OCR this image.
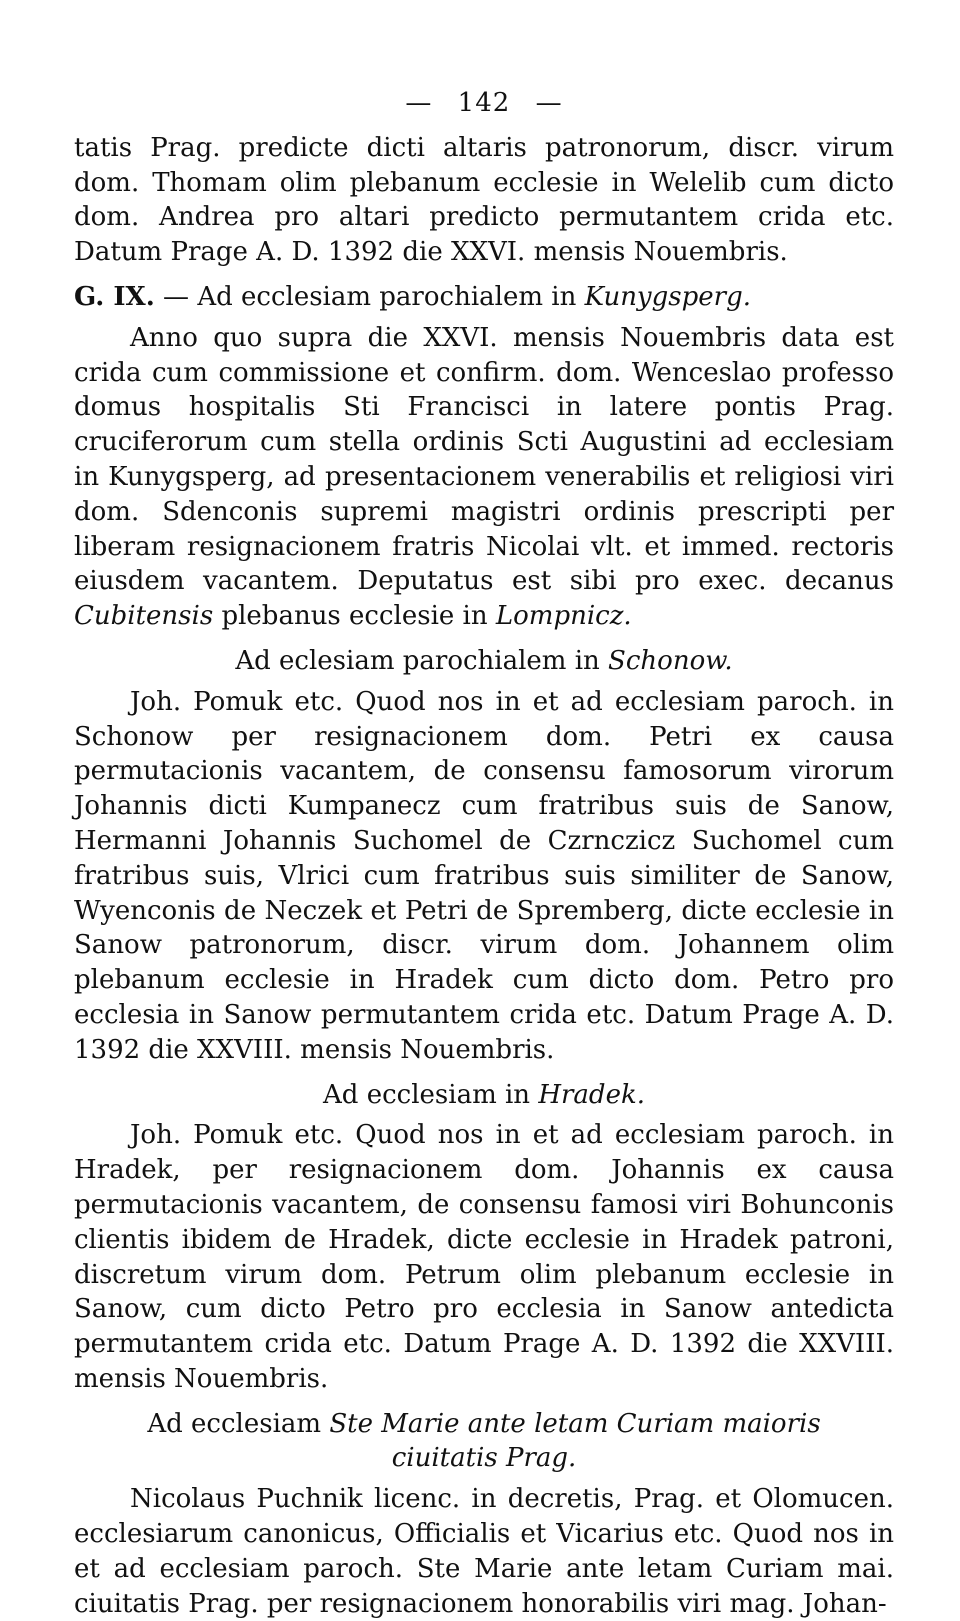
— 142 —

tatis Prag. predicte dicti altaris patronorum, discr. virum dom. Thomam olim plebanum ecclesie in Welelib cum dicto dom. Andrea pro altari predicto permutantem crida etc. Datum Prage A. D. 1392 die XXVI. mensis Nouembris.

G. IX. — Ad ecclesiam parochialem in Kunygsperg.

Anno quo supra die XXVI. mensis Nouembris data est crida cum commissione et confirm. dom. Wenceslao professo domus hospitalis Sti Francisci in latere pontis Prag. cruciferorum cum stella ordinis Scti Augustini ad ecclesiam in Kunygsperg, ad presentacionem venerabilis et religiosi viri dom. Sdenconis supremi magistri ordinis prescripti per liberam resignacionem fratris Nicolai vlt. et immed. rectoris eiusdem vacantem. Deputatus est sibi pro exec. decanus Cubitensis plebanus ecclesie in Lompnicz.

Ad eclesiam parochialem in Schonow.

Joh. Pomuk etc. Quod nos in et ad ecclesiam paroch. in Schonow per resignacionem dom. Petri ex causa permutacionis vacantem, de consensu famosorum virorum Johannis dicti Kumpanecz cum fratribus suis de Sanow, Hermanni Johannis Suchomel de Czrnczicz Suchomel cum fratribus suis, Vlrici cum fratribus suis similiter de Sanow, Wyenconis de Neczek et Petri de Spremberg, dicte ecclesie in Sanow patronorum, discr. virum dom. Johannem olim plebanum ecclesie in Hradek cum dicto dom. Petro pro ecclesia in Sanow permutantem crida etc. Datum Prage A. D. 1392 die XXVIII. mensis Nouembris.

Ad ecclesiam in Hradek.

Joh. Pomuk etc. Quod nos in et ad ecclesiam paroch. in Hradek, per resignacionem dom. Johannis ex causa permutacionis vacantem, de consensu famosi viri Bohunconis clientis ibidem de Hradek, dicte ecclesie in Hradek patroni, discretum virum dom. Petrum olim plebanum ecclesie in Sanow, cum dicto Petro pro ecclesia in Sanow antedicta permutantem crida etc. Datum Prage A. D. 1392 die XXVIII. mensis Nouembris.

Ad ecclesiam Ste Marie ante letam Curiam maioris
ciuitatis Prag.

Nicolaus Puchnik licenc. in decretis, Prag. et Olomucen. ecclesiarum canonicus, Officialis et Vicarius etc. Quod nos in et ad ecclesiam paroch. Ste Marie ante letam Curiam mai. ciuitatis Prag. per resignacionem honorabilis viri mag. Johan-
